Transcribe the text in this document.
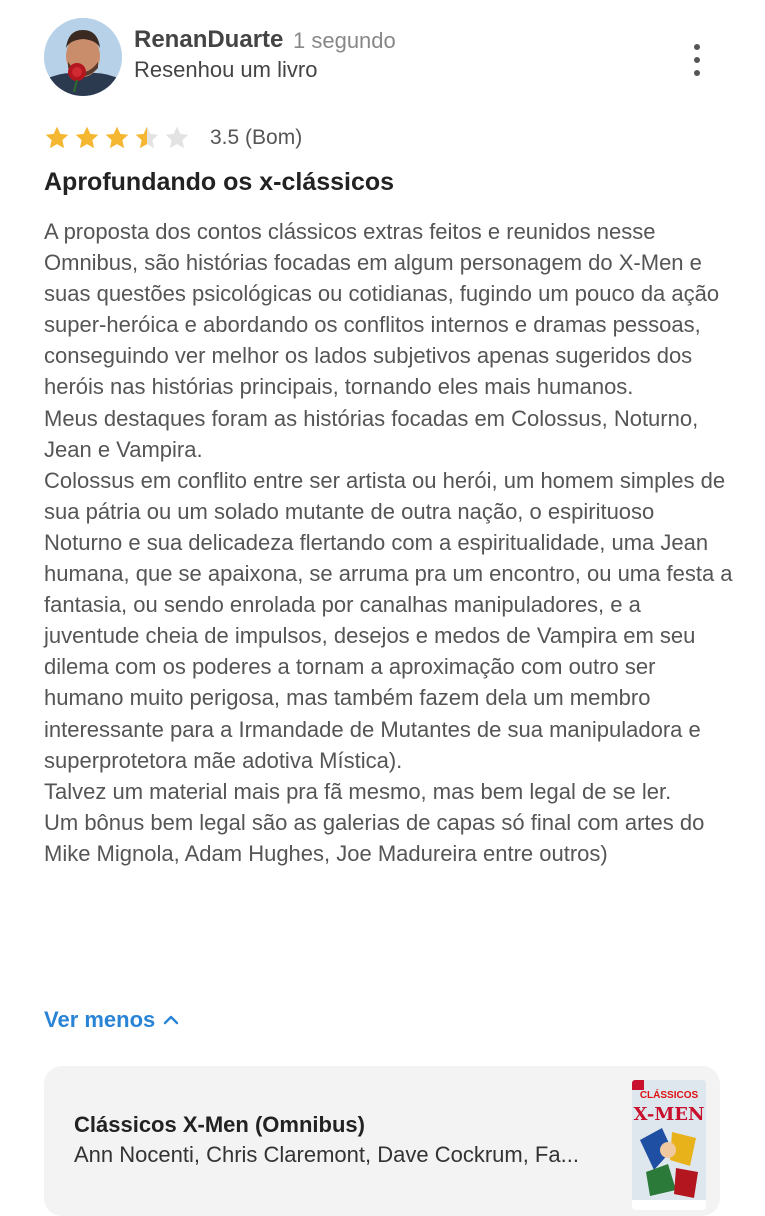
RenanDuarte 1 segundo
Resenhou um livro
3.5 (Bom)
Aprofundando os x-clássicos

A proposta dos contos clássicos extras feitos e reunidos nesse Omnibus, são histórias focadas em algum personagem do X-Men e suas questões psicológicas ou cotidianas, fugindo um pouco da ação super-heróica e abordando os conflitos internos e dramas pessoas, conseguindo ver melhor os lados subjetivos apenas sugeridos dos heróis nas histórias principais, tornando eles mais humanos.

Meus destaques foram as histórias focadas em Colossus, Noturno, Jean e Vampira.

Colossus em conflito entre ser artista ou herói, um homem simples de sua pátria ou um solado mutante de outra nação, o espirituoso Noturno e sua delicadeza flertando com a espiritualidade, uma Jean humana, que se apaixona, se arruma pra um encontro, ou uma festa a fantasia, ou sendo enrolada por canalhas manipuladores, e a juventude cheia de impulsos, desejos e medos de Vampira em seu dilema com os poderes a tornam a aproximação com outro ser humano muito perigosa, mas também fazem dela um membro interessante para a Irmandade de Mutantes de sua manipuladora e superprotetora mãe adotiva Mística).

Talvez um material mais pra fã mesmo, mas bem legal de se ler.

Um bônus bem legal são as galerias de capas só final com artes do Mike Mignola, Adam Hughes, Joe Madureira entre outros)

Ver menos
Clássicos X-Men (Omnibus)
Ann Nocenti, Chris Claremont, Dave Cockrum, Fa...
CLÁSSICOS
X-MEN
